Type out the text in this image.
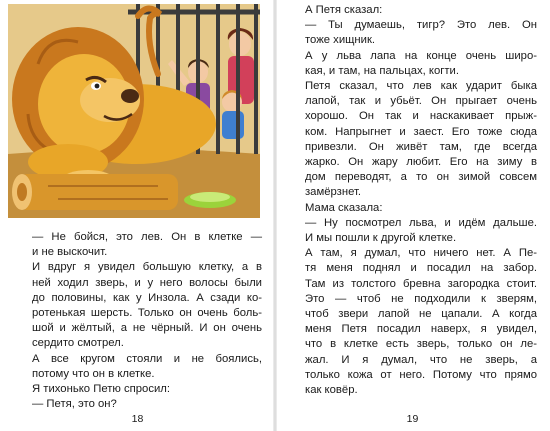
— Не бойся, это лев. Он в клетке —
и не выскочит.

И вдруг я увидел большую клетку, а в
ней ходил зверь, и у него волосы были
до половины, как у Инзола. А сзади ко-
ротенькая шерсть. Только он очень боль-
шой и жёлтый, а не чёрный. И он очень
сердито смотрел.

А все кругом стояли и не боялись,
потому что он в клетке.

Я тихонько Петю спросил:

— Петя, это он?

18

А Петя сказал:

— Ты думаешь, тигр? Это лев. Он
тоже хищник.

А у льва лапа на конце очень широ-
кая, и там, на пальцах, когти.

Петя сказал, что лев как ударит быка
лапой, так и убьёт. Он прыгает очень
хорошо. Он так и наскакивает прыж-
ком. Напрыгнет и заест. Его тоже сюда
привезли. Он живёт там, где всегда
жарко. Он жару любит. Его на зиму в
дом переводят, а то он зимой совсем
замёрзнет.

Мама сказала:

— Ну посмотрел льва, и идём дальше.
И мы пошли к другой клетке.

А там, я думал, что ничего нет. А Пе-
тя меня поднял и посадил на забор.
Там из толстого бревна загородка стоит.
Это — чтоб не подходили к зверям,
чтоб звери лапой не цапали. А когда
меня Петя посадил наверх, я увидел,
что в клетке есть зверь, только он ле-
жал. И я думал, что не зверь, а
только кожа от него. Потому что прямо
как ковёр.

19
